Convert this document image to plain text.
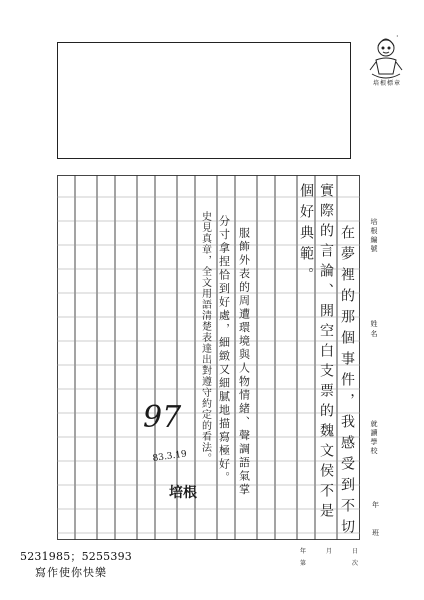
培根標章
·
在夢裡的那個事件，我感受到不切
實際的言論、開空白支票的魏文侯不是
個好典範。
服飾外表的周遭環境與人物情緒、聲調語氣掌
分寸拿捏恰到好處，細緻又細膩地描寫極好。
史見真章，全文用語清楚表達出對遵守約定的看法。
97
83.3.19
培根
培根編號
姓名
就讀學校
年
班
年	月	日
第	次
5231985；5255393
寫作使你快樂
